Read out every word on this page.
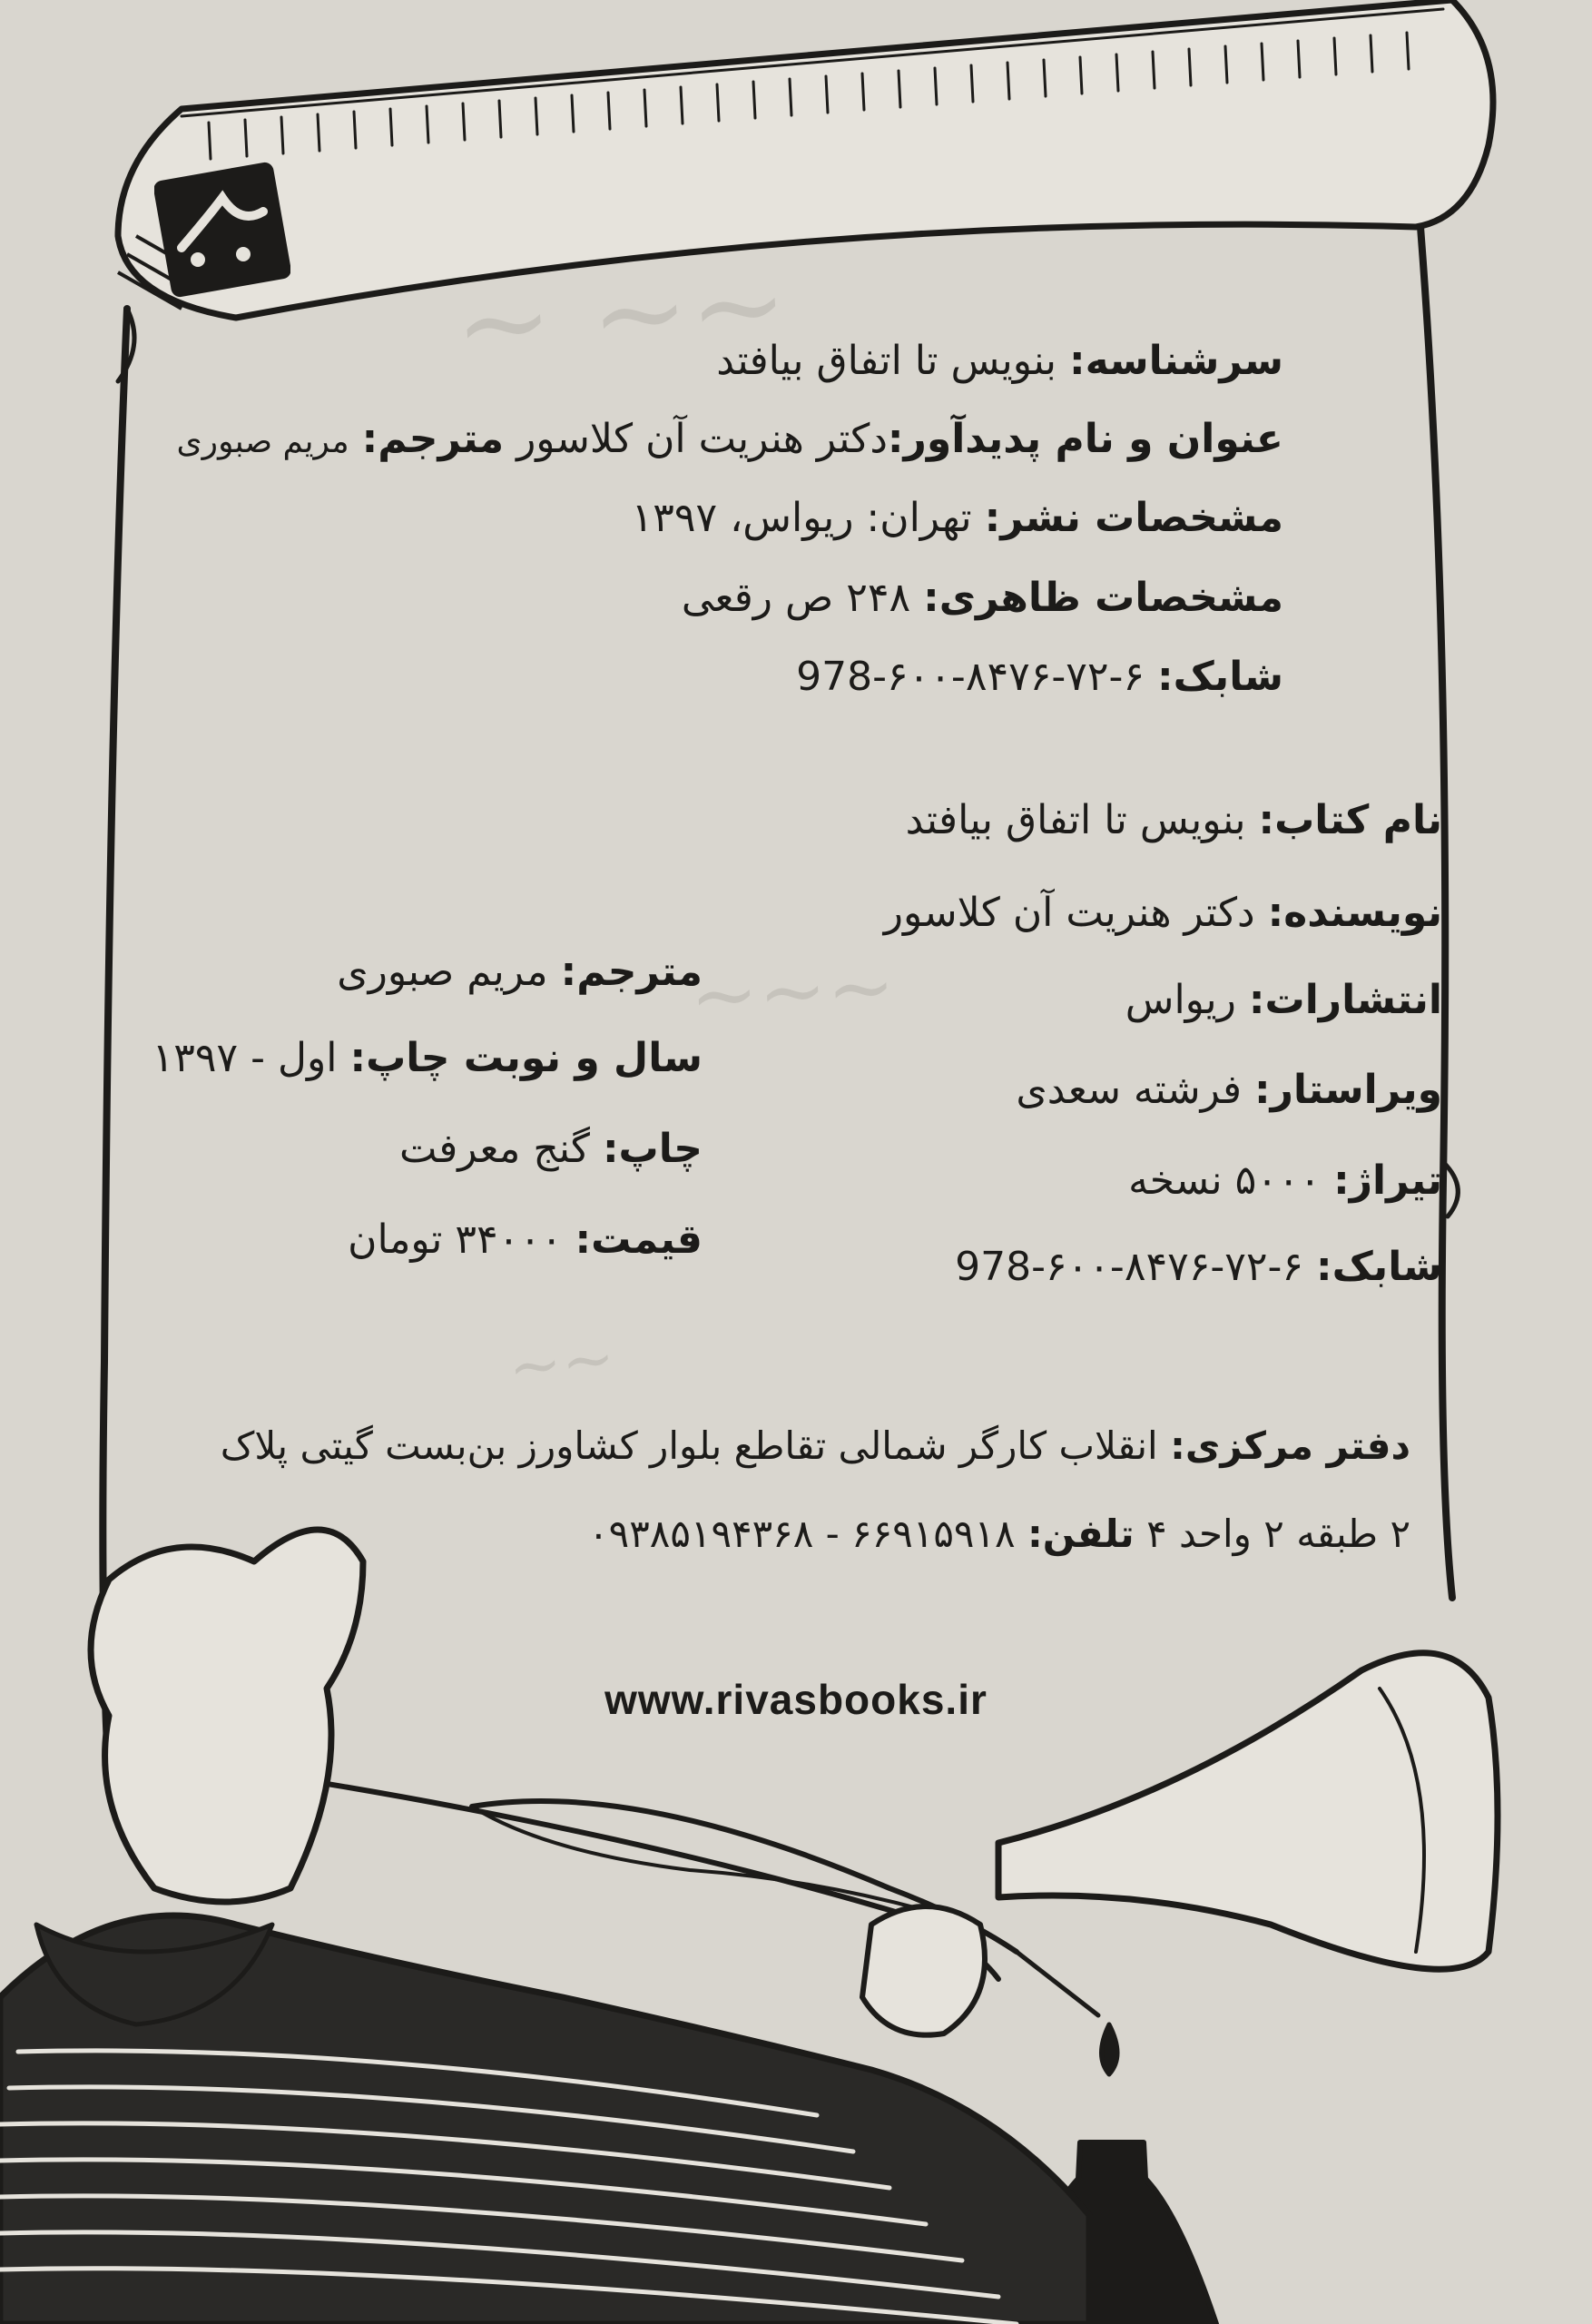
~ ~~
~~~
~~
سرشناسه: بنویس تا اتفاق بیافتد
عنوان و نام پدیدآور:دکتر هنریت آن کلاسور مترجم: مریم صبوری
مشخصات نشر: تهران: ریواس، ۱۳۹۷
مشخصات ظاهری: ۲۴۸ ص رقعی
شابک: ۶-۷۲-۸۴۷۶-۶۰۰-978
نام کتاب: بنویس تا اتفاق بیافتد
نویسنده: دکتر هنریت آن کلاسور
انتشارات: ریواس
ویراستار: فرشته سعدی
تیراژ: ۵۰۰۰ نسخه
شابک: ۶-۷۲-۸۴۷۶-۶۰۰-978
مترجم: مریم صبوری
سال و نوبت چاپ: اول - ۱۳۹۷
چاپ: گنج معرفت
قیمت: ۳۴۰۰۰ تومان
دفتر مرکزی: انقلاب کارگر شمالی تقاطع بلوار کشاورز بن‌بست گیتی پلاک
۲ طبقه ۲ واحد ۴ تلفن: ۶۶۹۱۵۹۱۸ - ۰۹۳۸۵۱۹۴۳۶۸
www.rivasbooks.ir
